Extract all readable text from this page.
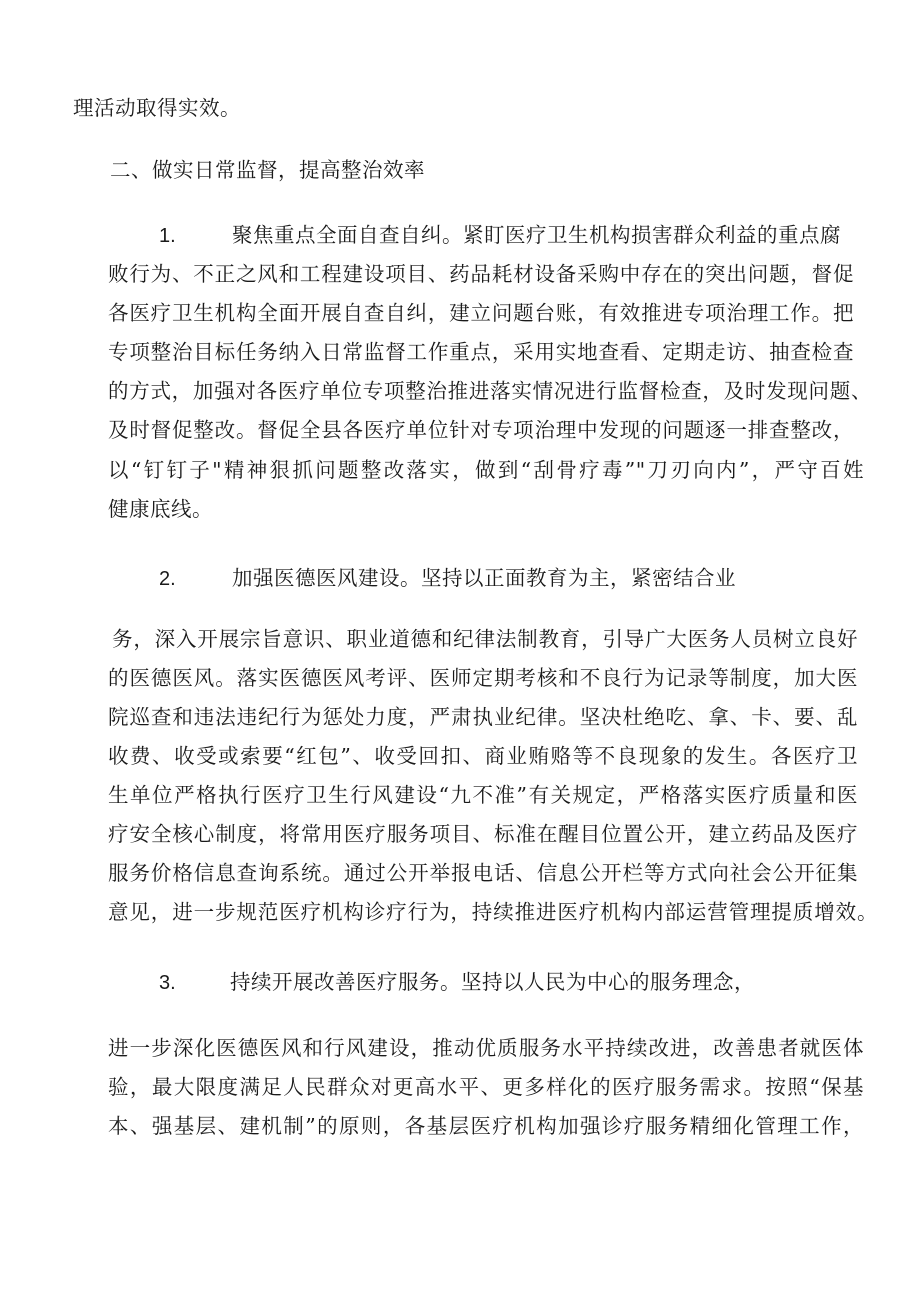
理活动取得实效。
二、做实日常监督，提高整治效率
1.	聚焦重点全面自查自纠。紧盯医疗卫生机构损害群众利益的重点腐
败行为、不正之风和工程建设项目、药品耗材设备采购中存在的突出问题，督促
各医疗卫生机构全面开展自查自纠，建立问题台账，有效推进专项治理工作。把
专项整治目标任务纳入日常监督工作重点，采用实地查看、定期走访、抽查检查
的方式，加强对各医疗单位专项整治推进落实情况进行监督检查，及时发现问题、
及时督促整改。督促全县各医疗单位针对专项治理中发现的问题逐一排查整改，
以“钉钉子"精神狠抓问题整改落实，做到“刮骨疗毒”"刀刃向内”，严守百姓
健康底线。
2.	加强医德医风建设。坚持以正面教育为主，紧密结合业
务，深入开展宗旨意识、职业道德和纪律法制教育，引导广大医务人员树立良好
的医德医风。落实医德医风考评、医师定期考核和不良行为记录等制度，加大医
院巡查和违法违纪行为惩处力度，严肃执业纪律。坚决杜绝吃、拿、卡、要、乱
收费、收受或索要“红包”、收受回扣、商业贿赂等不良现象的发生。各医疗卫
生单位严格执行医疗卫生行风建设“九不准”有关规定，严格落实医疗质量和医
疗安全核心制度，将常用医疗服务项目、标准在醒目位置公开，建立药品及医疗
服务价格信息查询系统。通过公开举报电话、信息公开栏等方式向社会公开征集
意见，进一步规范医疗机构诊疗行为，持续推进医疗机构内部运营管理提质增效。
3.	持续开展改善医疗服务。坚持以人民为中心的服务理念，
进一步深化医德医风和行风建设，推动优质服务水平持续改进，改善患者就医体
验，最大限度满足人民群众对更高水平、更多样化的医疗服务需求。按照“保基
本、强基层、建机制”的原则，各基层医疗机构加强诊疗服务精细化管理工作，
